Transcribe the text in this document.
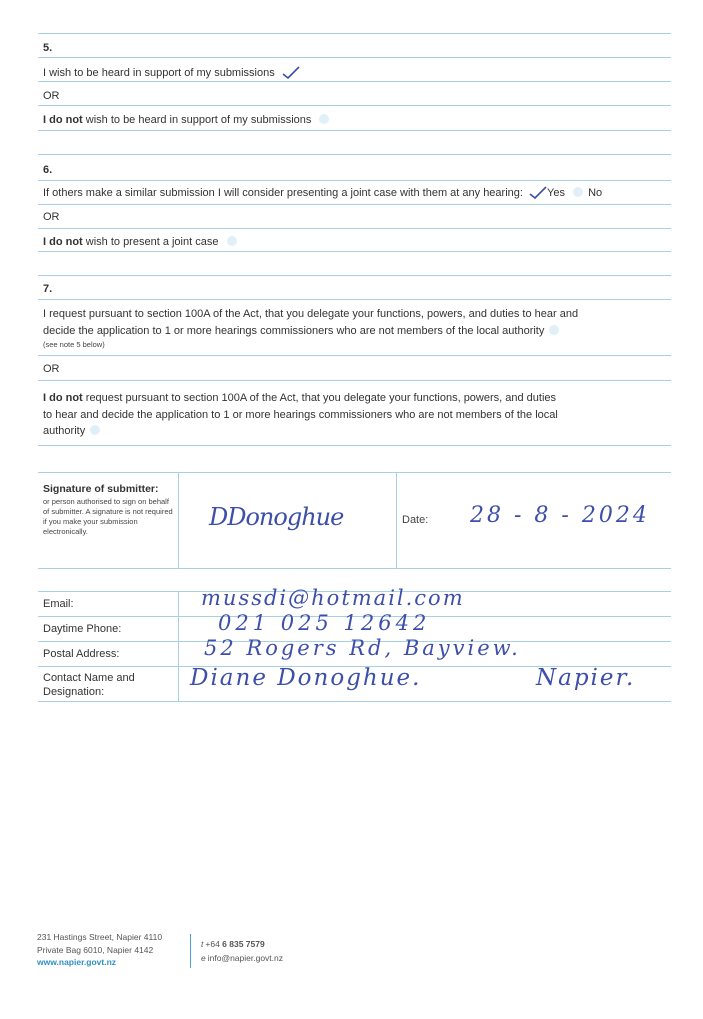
5.
I wish to be heard in support of my submissions
OR
I do not wish to be heard in support of my submissions
6.
If others make a similar submission I will consider presenting a joint case with them at any hearing: Yes No
OR
I do not wish to present a joint case
7.
I request pursuant to section 100A of the Act, that you delegate your functions, powers, and duties to hear and
decide the application to 1 or more hearings commissioners who are not members of the local authority
(see note 5 below)
OR
I do not request pursuant to section 100A of the Act, that you delegate your functions, powers, and duties
to hear and decide the application to 1 or more hearings commissioners who are not members of the local
authority
Signature of submitter:
or person authorised to sign on behalf of submitter. A signature is not required if you make your submission electronically.
DDonoghue	Date: 28 - 8 - 2024
Email:	mussdi@hotmail.com
Daytime Phone:	021 025 12642
Postal Address:	52 Rogers Rd, Bayview.
Contact Name and
Designation:
Diane Donoghue.	Napier.
231 Hastings Street, Napier 4110
Private Bag 6010, Napier 4142
www.napier.govt.nz
t +64 6 835 7579
e info@napier.govt.nz
